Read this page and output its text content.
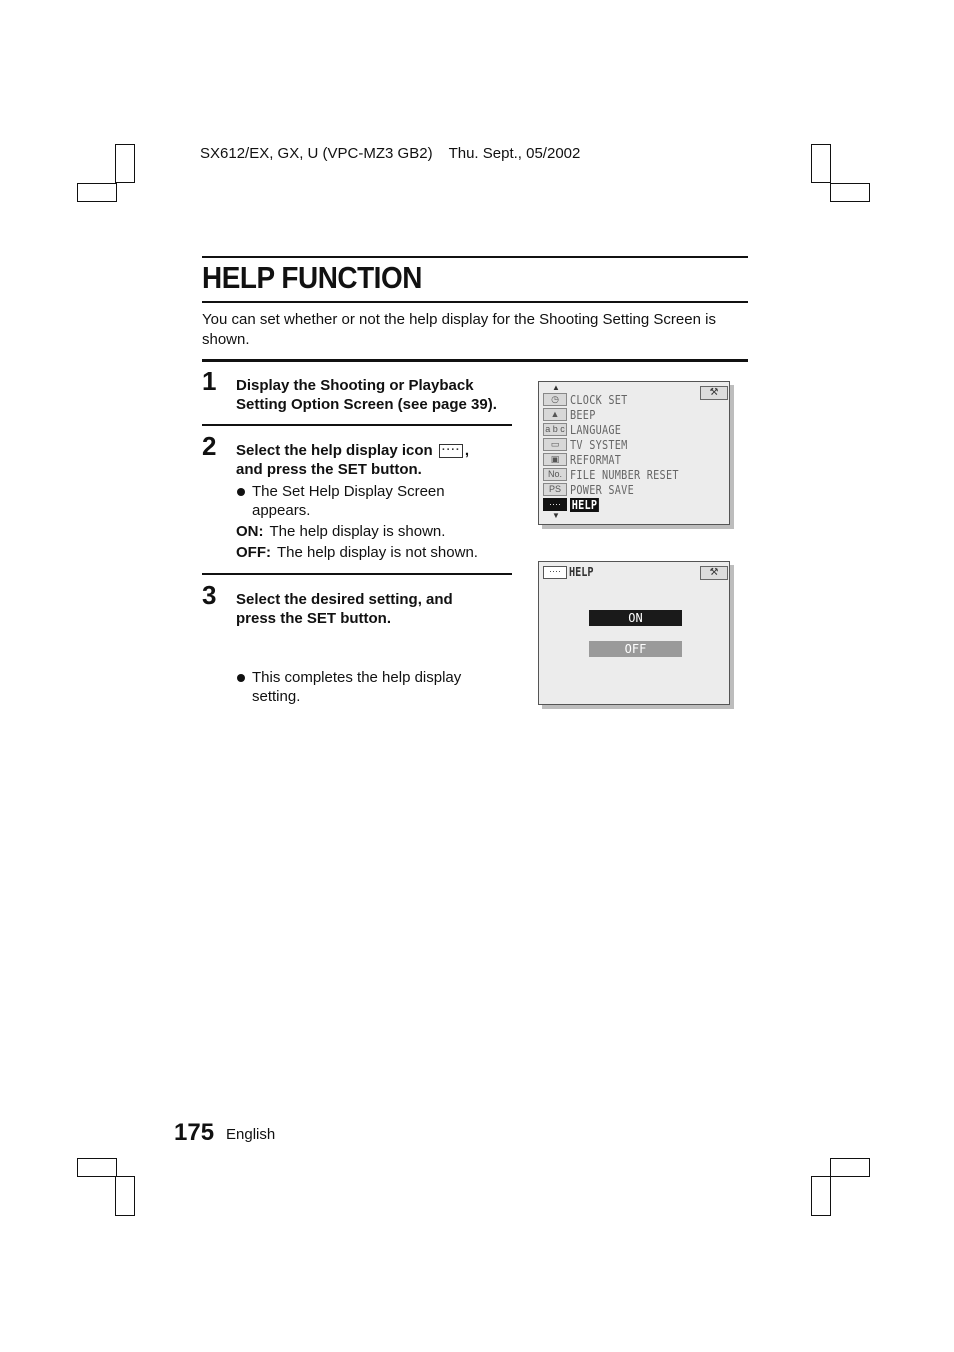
SX612/EX, GX, U (VPC-MZ3 GB2) Thu. Sept., 05/2002
HELP FUNCTION
You can set whether or not the help display for the Shooting Setting Screen is shown.
1 Display the Shooting or Playback Setting Option Screen (see page 39).
2 Select the help display icon ···· ,
and press the SET button.
The Set Help Display Screen appears.
ON: The help display is shown.
OFF: The help display is not shown.
3 Select the desired setting, and press the SET button.
This completes the help display setting.
▲
▼
⚒
◷ CLOCK SET
▲ BEEP
a b c LANGUAGE
▭ TV SYSTEM
▣ REFORMAT
No. FILE NUMBER RESET
PS POWER SAVE
···· HELP
···· HELP	⚒
ON
OFF
175 English
